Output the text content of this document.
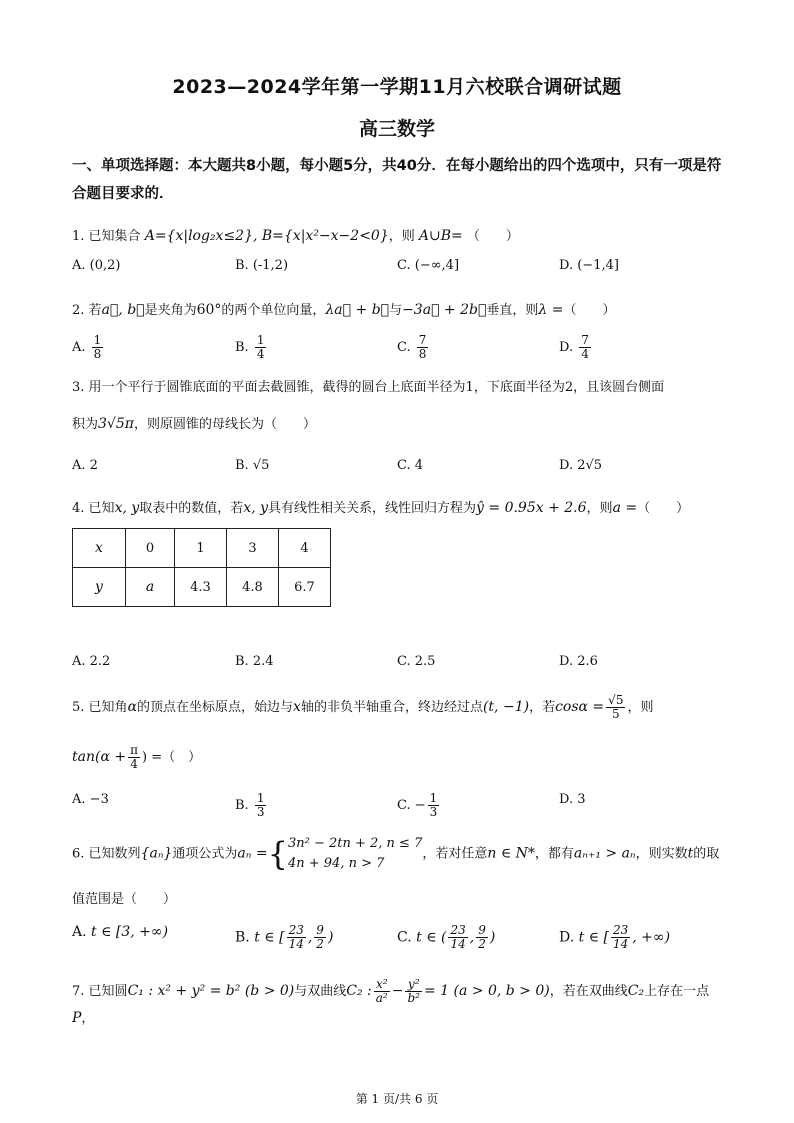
2023—2024学年第一学期11月六校联合调研试题
高三数学
一、单项选择题：本大题共8小题，每小题5分，共40分．在每小题给出的四个选项中，只有一项是符合题目要求的．
1. 已知集合 A={x|log₂x≤2}, B={x|x²−x−2<0}，则 A∪B= （　　）
A. (0,2)	B. (-1,2)	C. (−∞,4]	D. (−1,4]
2. 若a⃗, b⃗是夹角为60°的两个单位向量，λa⃗ + b⃗与−3a⃗ + 2b⃗垂直，则λ =（　　）
A. $\frac{1}{8}$	B. $\frac{1}{4}$	C. $\frac{7}{8}$	D. $\frac{7}{4}$
3. 用一个平行于圆锥底面的平面去截圆锥，截得的圆台上底面半径为1，下底面半径为2，且该圆台侧面
积为3√5π，则原圆锥的母线长为（　　）
A. 2	B. √5	C. 4	D. 2√5
4. 已知x, y取表中的数值，若x, y具有线性相关关系，线性回归方程为ŷ = 0.95x + 2.6，则a =（　　）
x	0	1	3	4
y	a	4.3	4.8	6.7
A. 2.2	B. 2.4	C. 2.5	D. 2.6
5. 已知角α的顶点在坐标原点，始边与x轴的非负半轴重合，终边经过点(t, −1)，若$\cos\alpha = \frac{√5}{5}$ ，则
$\tan(\alpha + \frac{\pi}{4}$ ) =（　）
A. −3	B. $\frac{1}{3}$	C. − $\frac{1}{3}$	D. 3
6. 已知数列{aₙ}通项公式为aₙ ={ 3n² − 2tn + 2, n ≤ 7
4n + 94, n > 7
，若对任意n ∈ N*，都有aₙ₊₁ > aₙ，则实数t的取
值范围是（　　）
A. t ∈ [3, +∞)	B. t ∈ [ $\frac{23}{14}$ , $\frac{9}{2}$ )	C. t ∈ ( $\frac{23}{14}$ , $\frac{9}{2}$ )	D. t ∈ [ $\frac{23}{14}$ , +∞)
7. 已知圆C₁ : x² + y² = b² (b > 0)与双曲线C₂ : $\frac{\text{x²}}{\text{a²}} - \frac{\text{y²}}{\text{b²}} = 1$ (a > 0, b > 0)，若在双曲线C₂上存在一点P，
第 1 页/共 6 页
